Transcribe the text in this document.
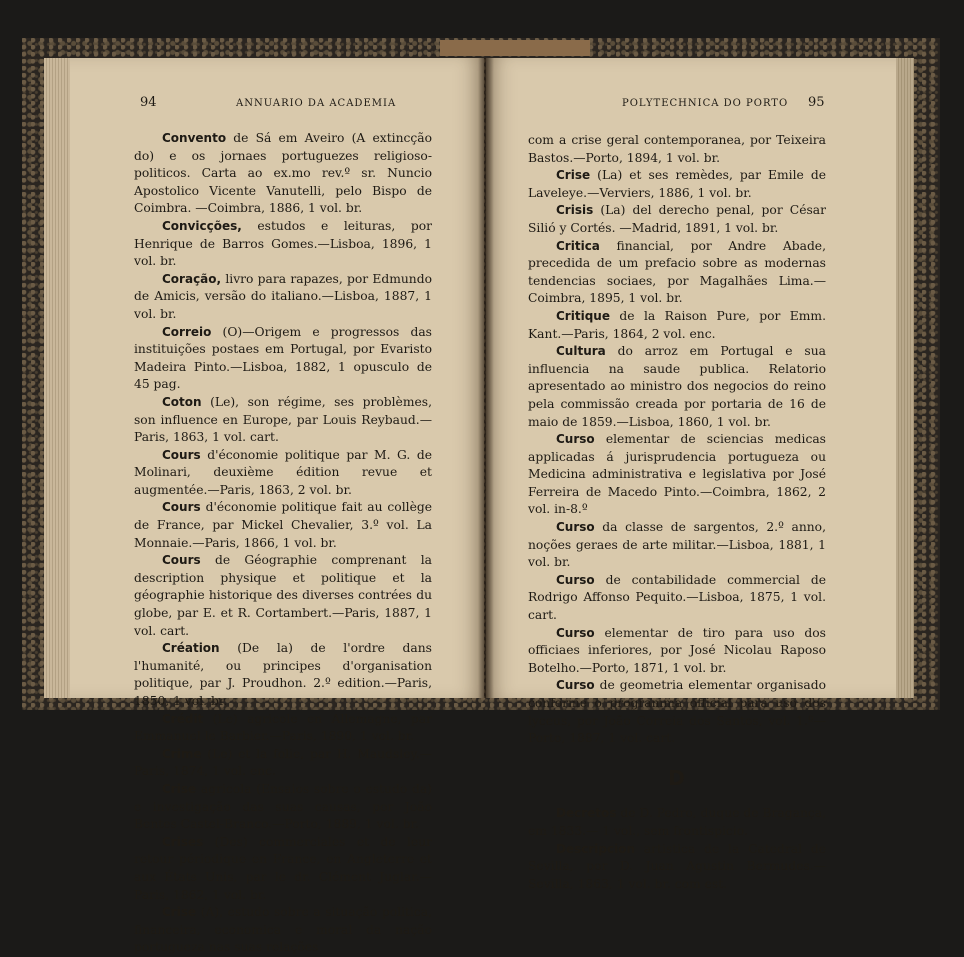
94	ANNUARIO DA ACADEMIA
Convento de Sá em Aveiro (A extincção do) e os jornaes portuguezes religioso-politicos. Carta ao ex.mo rev.º sr. Nuncio Apostolico Vicente Vanutelli, pelo Bispo de Coimbra. —Coimbra, 1886, 1 vol. br.
Convicções, estudos e leituras, por Henrique de Barros Gomes.—Lisboa, 1896, 1 vol. br.
Coração, livro para rapazes, por Edmundo de Amicis, versão do italiano.—Lisboa, 1887, 1 vol. br.
Correio (O)—Origem e progressos das instituições postaes em Portugal, por Evaristo Madeira Pinto.—Lisboa, 1882, 1 opusculo de 45 pag.
Coton (Le), son régime, ses problèmes, son influence en Europe, par Louis Reybaud.—Paris, 1863, 1 vol. cart.
Cours d'économie politique par M. G. de Molinari, deuxième édition revue et augmentée.—Paris, 1863, 2 vol. br.
Cours d'économie politique fait au collège de France, par Mickel Chevalier, 3.º vol. La Monnaie.—Paris, 1866, 1 vol. br.
Cours de Géographie comprenant la description physique et politique et la géographie historique des diverses contrées du globe, par E. et R. Cortambert.—Paris, 1887, 1 vol. cart.
Création (De la) de l'ordre dans l'humanité, ou principes d'organisation politique, par J. Proudhon. 2.º edition.—Paris, 1850, 1 vol. br.
Crédit (Le) agricole en Allemagne, par Emmanuel le Barbier.—Paris, 1890, 1 vol. br.
Crime (Le) et la folie, par H. Maudsley.—Paris, 1874, 1 vol. enc.
Crise agricola (Ensaios sobre o estudo da) e investigação das suas causas, por João Bentes Castel-Branco.—Porto, 1889, 1 vol. br.
Crises (Des) commerciales et de leur retour périodique en France, en Angleterre et aux États Unis, par le dr. Clément Juglar.—Paris, 1862, 1 vol. br.
Crise (A), estudo sobre a situação politica, financeira, economica e moral da nação portugueza nas suas relações
POLYTECHNICA DO PORTO 95
com a crise geral contemporanea, por Teixeira Bastos.—Porto, 1894, 1 vol. br.
Crise (La) et ses remèdes, par Emile de Laveleye.—Verviers, 1886, 1 vol. br.
Crisis (La) del derecho penal, por César Silió y Cortés. —Madrid, 1891, 1 vol. br.
Critica financial, por Andre Abade, precedida de um prefacio sobre as modernas tendencias sociaes, por Magalhães Lima.—Coimbra, 1895, 1 vol. br.
Critique de la Raison Pure, por Emm. Kant.—Paris, 1864, 2 vol. enc.
Cultura do arroz em Portugal e sua influencia na saude publica. Relatorio apresentado ao ministro dos negocios do reino pela commissão creada por portaria de 16 de maio de 1859.—Lisboa, 1860, 1 vol. br.
Curso elementar de sciencias medicas applicadas á jurisprudencia portugueza ou Medicina administrativa e legislativa por José Ferreira de Macedo Pinto.—Coimbra, 1862, 2 vol. in-8.º
Curso da classe de sargentos, 2.º anno, noções geraes de arte militar.—Lisboa, 1881, 1 vol. br.
Curso de contabilidade commercial de Rodrigo Affonso Pequito.—Lisboa, 1875, 1 vol. cart.
Curso elementar de tiro para uso dos officiaes inferiores, por José Nicolau Raposo Botelho.—Porto, 1871, 1 vol. br.
Curso de geometria elementar organisado conforme o programma official para uso dos lyceus, por João Correia dos Santos, vol. 1.º—Porto, 1887, 1 vol. cart.
D
Decretos de D. Pedro, duque de Bragança, em 1833.— 1 vol., sem frontispicio.
Descripcion artistica de la Catedral de Sevilla, por D. Juan Agustin Bermudes.—Sevilla, 1863, 1 vol. br. com est.
